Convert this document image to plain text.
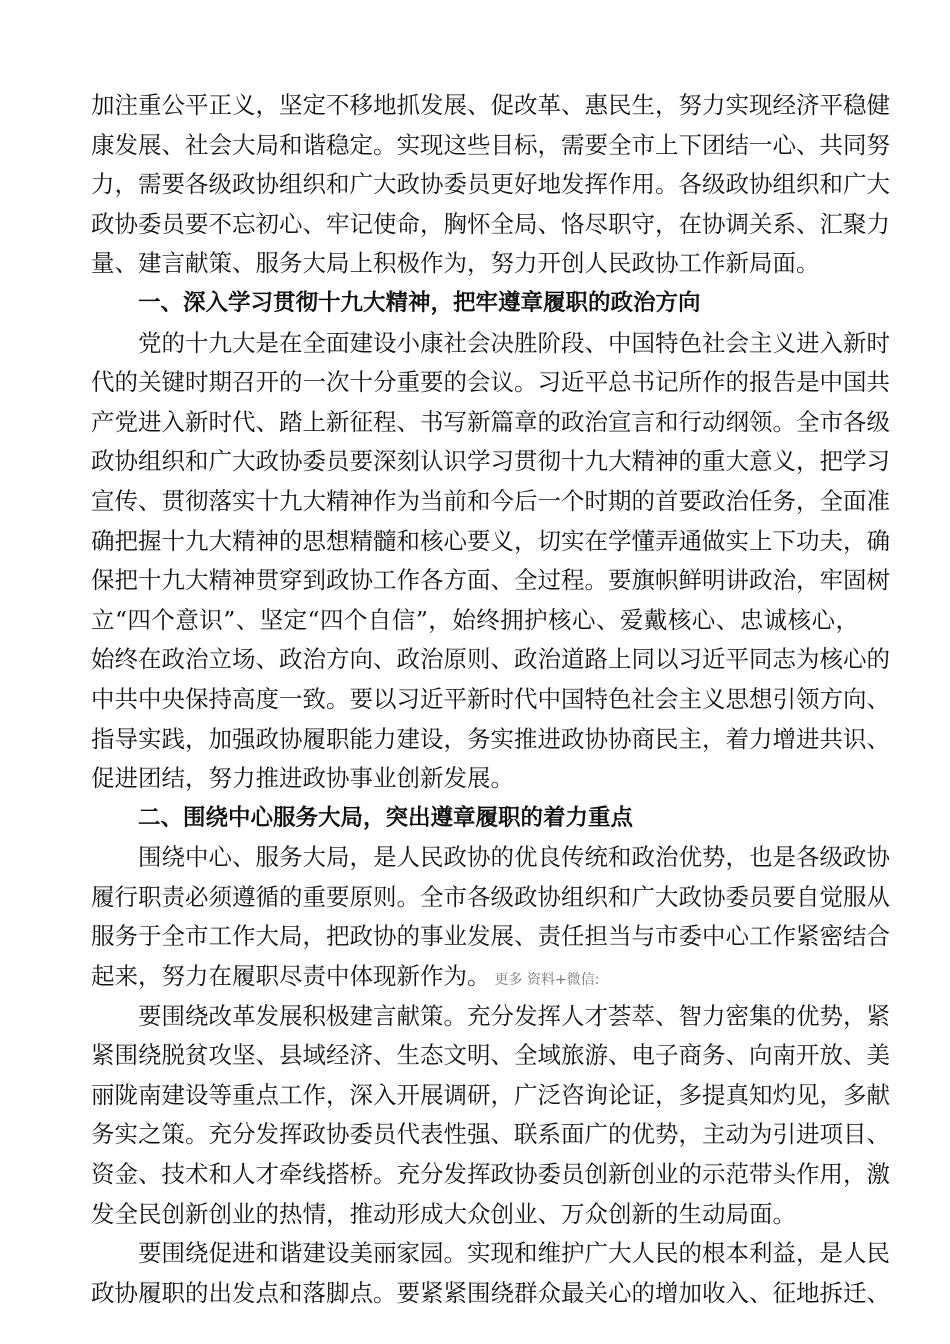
加注重公平正义，坚定不移地抓发展、促改革、惠民生，努力实现经济平稳健
康发展、社会大局和谐稳定。实现这些目标，需要全市上下团结一心、共同努
力，需要各级政协组织和广大政协委员更好地发挥作用。各级政协组织和广大
政协委员要不忘初心、牢记使命，胸怀全局、恪尽职守，在协调关系、汇聚力
量、建言献策、服务大局上积极作为，努力开创人民政协工作新局面。
一、深入学习贯彻十九大精神，把牢遵章履职的政治方向
党的十九大是在全面建设小康社会决胜阶段、中国特色社会主义进入新时
代的关键时期召开的一次十分重要的会议。习近平总书记所作的报告是中国共
产党进入新时代、踏上新征程、书写新篇章的政治宣言和行动纲领。全市各级
政协组织和广大政协委员要深刻认识学习贯彻十九大精神的重大意义，把学习
宣传、贯彻落实十九大精神作为当前和今后一个时期的首要政治任务，全面准
确把握十九大精神的思想精髓和核心要义，切实在学懂弄通做实上下功夫，确
保把十九大精神贯穿到政协工作各方面、全过程。要旗帜鲜明讲政治，牢固树
立“四个意识”、坚定“四个自信”，始终拥护核心、爱戴核心、忠诚核心，
始终在政治立场、政治方向、政治原则、政治道路上同以习近平同志为核心的
中共中央保持高度一致。要以习近平新时代中国特色社会主义思想引领方向、
指导实践，加强政协履职能力建设，务实推进政协协商民主，着力增进共识、
促进团结，努力推进政协事业创新发展。
二、围绕中心服务大局，突出遵章履职的着力重点
围绕中心、服务大局，是人民政协的优良传统和政治优势，也是各级政协
履行职责必须遵循的重要原则。全市各级政协组织和广大政协委员要自觉服从
服务于全市工作大局，把政协的事业发展、责任担当与市委中心工作紧密结合
起来，努力在履职尽责中体现新作为。 更多 资料+微信:
要围绕改革发展积极建言献策。充分发挥人才荟萃、智力密集的优势，紧
紧围绕脱贫攻坚、县域经济、生态文明、全域旅游、电子商务、向南开放、美
丽陇南建设等重点工作，深入开展调研，广泛咨询论证，多提真知灼见，多献
务实之策。充分发挥政协委员代表性强、联系面广的优势，主动为引进项目、
资金、技术和人才牵线搭桥。充分发挥政协委员创新创业的示范带头作用，激
发全民创新创业的热情，推动形成大众创业、万众创新的生动局面。
要围绕促进和谐建设美丽家园。实现和维护广大人民的根本利益，是人民
政协履职的出发点和落脚点。要紧紧围绕群众最关心的增加收入、征地拆迁、
